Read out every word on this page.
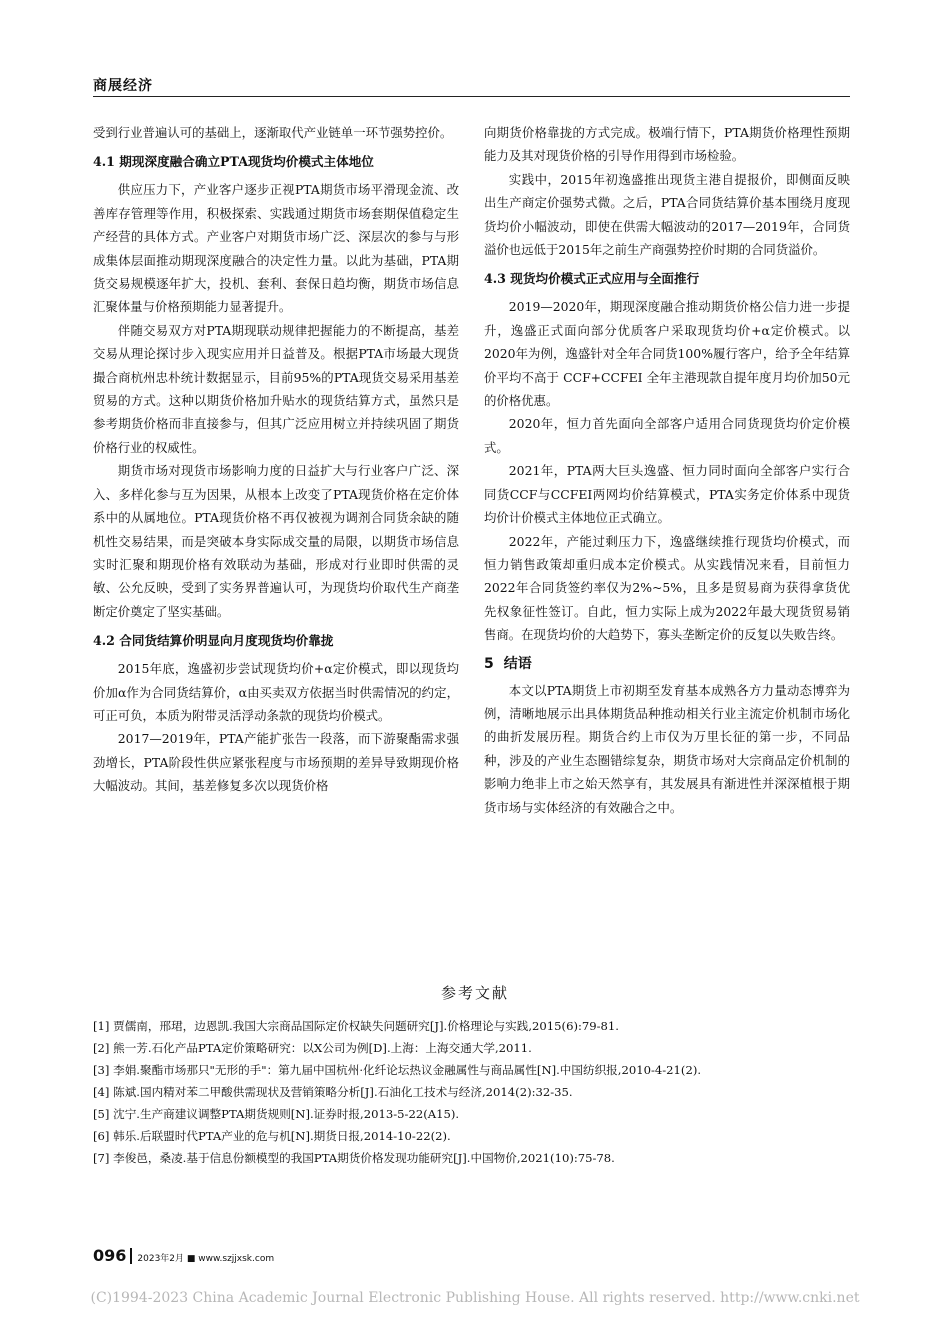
商展经济

受到行业普遍认可的基础上，逐渐取代产业链单一环节强势控价。

4.1 期现深度融合确立PTA现货均价模式主体地位

供应压力下，产业客户逐步正视PTA期货市场平滑现金流、改善库存管理等作用，积极探索、实践通过期货市场套期保值稳定生产经营的具体方式。产业客户对期货市场广泛、深层次的参与与形成集体层面推动期现深度融合的决定性力量。以此为基础，PTA期货交易规模逐年扩大，投机、套利、套保日趋均衡，期货市场信息汇聚体量与价格预期能力显著提升。

伴随交易双方对PTA期现联动规律把握能力的不断提高，基差交易从理论探讨步入现实应用并日益普及。根据PTA市场最大现货撮合商杭州忠朴统计数据显示，目前95%的PTA现货交易采用基差贸易的方式。这种以期货价格加升贴水的现货结算方式，虽然只是参考期货价格而非直接参与，但其广泛应用树立并持续巩固了期货价格行业的权威性。

期货市场对现货市场影响力度的日益扩大与行业客户广泛、深入、多样化参与互为因果，从根本上改变了PTA现货价格在定价体系中的从属地位。PTA现货价格不再仅被视为调剂合同货余缺的随机性交易结果，而是突破本身实际成交量的局限，以期货市场信息实时汇聚和期现价格有效联动为基础，形成对行业即时供需的灵敏、公允反映，受到了实务界普遍认可，为现货均价取代生产商垄断定价奠定了坚实基础。

4.2 合同货结算价明显向月度现货均价靠拢

2015年底，逸盛初步尝试现货均价+α定价模式，即以现货均价加α作为合同货结算价，α由买卖双方依据当时供需情况的约定，可正可负，本质为附带灵活浮动条款的现货均价模式。

2017—2019年，PTA产能扩张告一段落，而下游聚酯需求强劲增长，PTA阶段性供应紧张程度与市场预期的差异导致期现价格大幅波动。其间，基差修复多次以现货价格

向期货价格靠拢的方式完成。极端行情下，PTA期货价格理性预期能力及其对现货价格的引导作用得到市场检验。

实践中，2015年初逸盛推出现货主港自提报价，即侧面反映出生产商定价强势式微。之后，PTA合同货结算价基本围绕月度现货均价小幅波动，即使在供需大幅波动的2017—2019年，合同货溢价也远低于2015年之前生产商强势控价时期的合同货溢价。

4.3 现货均价模式正式应用与全面推行

2019—2020年，期现深度融合推动期货价格公信力进一步提升，逸盛正式面向部分优质客户采取现货均价+α定价模式。以2020年为例，逸盛针对全年合同货100%履行客户，给予全年结算价平均不高于 CCF+CCFEI 全年主港现款自提年度月均价加50元的价格优惠。

2020年，恒力首先面向全部客户适用合同货现货均价定价模式。

2021年，PTA两大巨头逸盛、恒力同时面向全部客户实行合同货CCF与CCFEI两网均价结算模式，PTA实务定价体系中现货均价计价模式主体地位正式确立。

2022年，产能过剩压力下，逸盛继续推行现货均价模式，而恒力销售政策却重归成本定价模式。从实践情况来看，目前恒力2022年合同货签约率仅为2%~5%，且多是贸易商为获得拿货优先权象征性签订。自此，恒力实际上成为2022年最大现货贸易销售商。在现货均价的大趋势下，寡头垄断定价的反复以失败告终。

5 结语

本文以PTA期货上市初期至发育基本成熟各方力量动态博弈为例，清晰地展示出具体期货品种推动相关行业主流定价机制市场化的曲折发展历程。期货合约上市仅为万里长征的第一步，不同品种，涉及的产业生态圈错综复杂，期货市场对大宗商品定价机制的影响力绝非上市之始天然享有，其发展具有渐进性并深深植根于期货市场与实体经济的有效融合之中。

参考文献
[1] 贾儒南，邢珺，边恩凯.我国大宗商品国际定价权缺失问题研究[J].价格理论与实践,2015(6):79-81.
[2] 熊一芳.石化产品PTA定价策略研究：以X公司为例[D].上海：上海交通大学,2011.
[3] 李娟.聚酯市场那只"无形的手"：第九届中国杭州·化纤论坛热议金融属性与商品属性[N].中国纺织报,2010-4-21(2).
[4] 陈斌.国内精对苯二甲酸供需现状及营销策略分析[J].石油化工技术与经济,2014(2):32-35.
[5] 沈宁.生产商建议调整PTA期货规则[N].证券时报,2013-5-22(A15).
[6] 韩乐.后联盟时代PTA产业的危与机[N].期货日报,2014-10-22(2).
[7] 李俊邑，桑凌.基于信息份额模型的我国PTA期货价格发现功能研究[J].中国物价,2021(10):75-78.
096 2023年2月 ■ www.szjjxsk.com
(C)1994-2023 China Academic Journal Electronic Publishing House. All rights reserved. http://www.cnki.net
